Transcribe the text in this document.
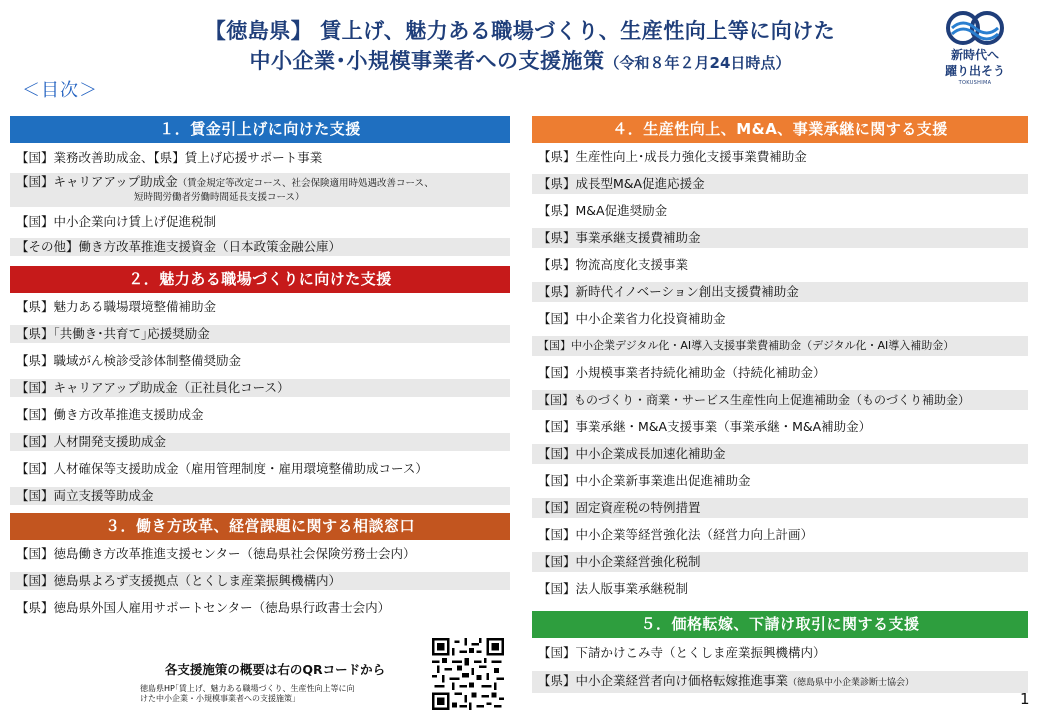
【徳島県】 賃上げ、魅力ある職場づくり、生産性向上等に向けた
中小企業･小規模事業者への支援施策（令和８年２月24日時点）
＜目次＞
新時代へ
躍り出そう
TOKUSHIMA
１．賃金引上げに向けた支援
【国】業務改善助成金、【県】賃上げ応援サポート事業
【国】キャリアアップ助成金（賃金規定等改定コース、社会保険適用時処遇改善コース、
短時間労働者労働時間延長支援コース）
【国】中小企業向け賃上げ促進税制
【その他】働き方改革推進支援資金（日本政策金融公庫）
２．魅力ある職場づくりに向けた支援
【県】魅力ある職場環境整備補助金
【県】｢共働き･共育て｣応援奨励金
【県】職域がん検診受診体制整備奨励金
【国】キャリアアップ助成金（正社員化コース）
【国】働き方改革推進支援助成金
【国】人材開発支援助成金
【国】人材確保等支援助成金（雇用管理制度・雇用環境整備助成コース）
【国】両立支援等助成金
３．働き方改革、経営課題に関する相談窓口
【国】徳島働き方改革推進支援センター（徳島県社会保険労務士会内）
【国】徳島県よろず支援拠点（とくしま産業振興機構内）
【県】徳島県外国人雇用サポートセンター（徳島県行政書士会内）
各支援施策の概要は右のQRコードから
徳島県HP｢賃上げ、魅力ある職場づくり、生産性向上等に向
けた中小企業・小規模事業者への支援施策｣
４．生産性向上、M&A、事業承継に関する支援
【県】生産性向上･成長力強化支援事業費補助金
【県】成長型M&A促進応援金
【県】M&A促進奨励金
【県】事業承継支援費補助金
【県】物流高度化支援事業
【県】新時代イノベーション創出支援費補助金
【国】中小企業省力化投資補助金
【国】中小企業デジタル化・AI導入支援事業費補助金（デジタル化・AI導入補助金）
【国】小規模事業者持続化補助金（持続化補助金）
【国】ものづくり・商業・サービス生産性向上促進補助金（ものづくり補助金）
【国】事業承継・M&A支援事業（事業承継・M&A補助金）
【国】中小企業成長加速化補助金
【国】中小企業新事業進出促進補助金
【国】固定資産税の特例措置
【国】中小企業等経営強化法（経営力向上計画）
【国】中小企業経営強化税制
【国】法人版事業承継税制
５．価格転嫁、下請け取引に関する支援
【国】下請かけこみ寺（とくしま産業振興機構内）
【県】中小企業経営者向け価格転嫁推進事業（徳島県中小企業診断士協会）
1
